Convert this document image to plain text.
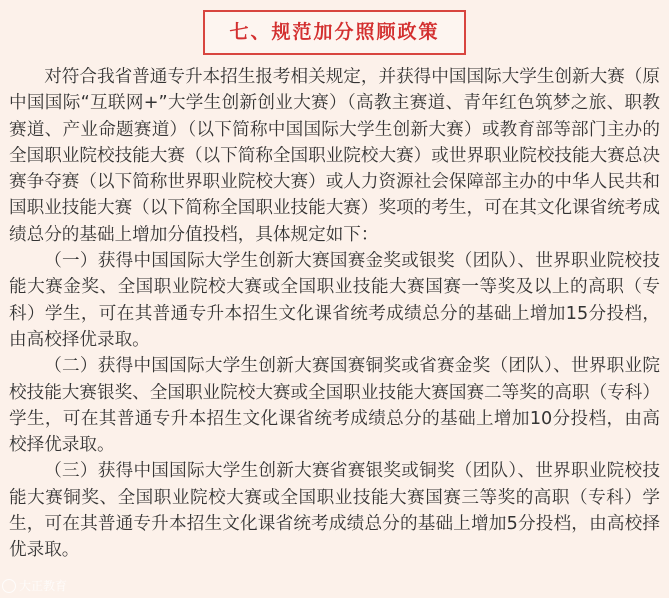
七、规范加分照顾政策

对符合我省普通专升本招生报考相关规定，并获得中国国际大学生创新大赛（原中国国际“互联网+”大学生创新创业大赛）（高教主赛道、青年红色筑梦之旅、职教赛道、产业命题赛道）（以下简称中国国际大学生创新大赛）或教育部等部门主办的全国职业院校技能大赛（以下简称全国职业院校大赛）或世界职业院校技能大赛总决赛争夺赛（以下简称世界职业院校大赛）或人力资源社会保障部主办的中华人民共和国职业技能大赛（以下简称全国职业技能大赛）奖项的考生，可在其文化课省统考成绩总分的基础上增加分值投档，具体规定如下：

（一）获得中国国际大学生创新大赛国赛金奖或银奖（团队）、世界职业院校技能大赛金奖、全国职业院校大赛或全国职业技能大赛国赛一等奖及以上的高职（专科）学生，可在其普通专升本招生文化课省统考成绩总分的基础上增加15分投档，由高校择优录取。

（二）获得中国国际大学生创新大赛国赛铜奖或省赛金奖（团队）、世界职业院校技能大赛银奖、全国职业院校大赛或全国职业技能大赛国赛二等奖的高职（专科）学生，可在其普通专升本招生文化课省统考成绩总分的基础上增加10分投档，由高校择优录取。

（三）获得中国国际大学生创新大赛省赛银奖或铜奖（团队）、世界职业院校技能大赛铜奖、全国职业院校大赛或全国职业技能大赛国赛三等奖的高职（专科）学生，可在其普通专升本招生文化课省统考成绩总分的基础上增加5分投档，由高校择优录取。

大正教育
